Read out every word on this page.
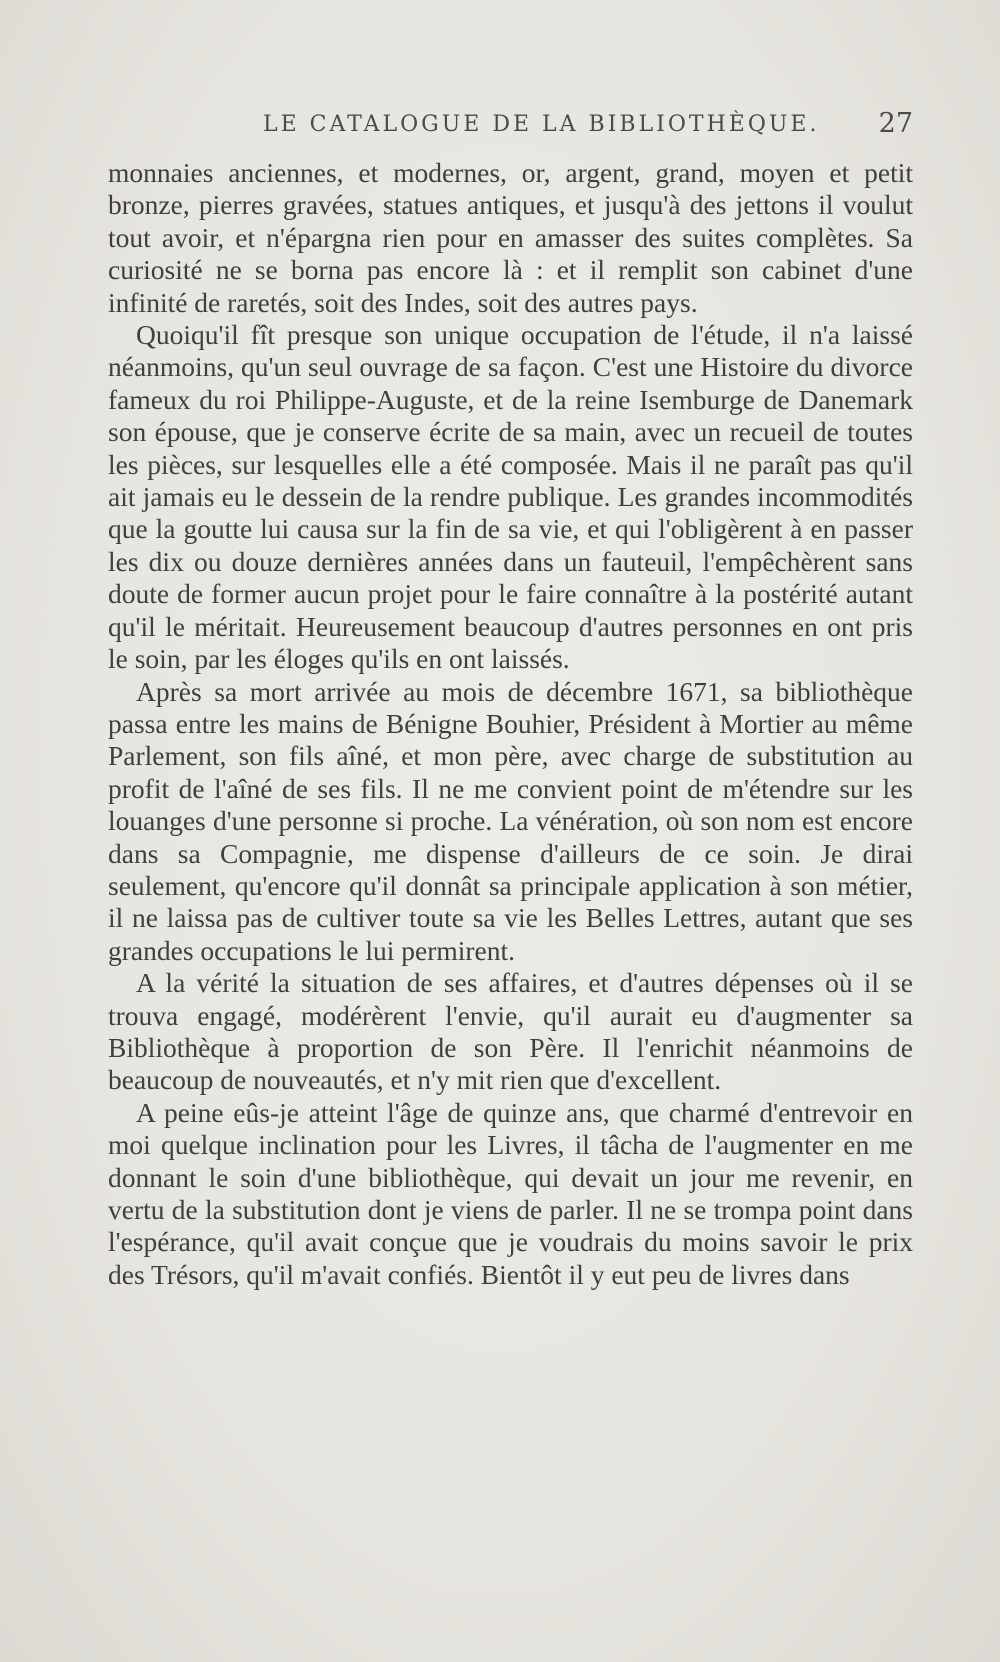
LE CATALOGUE DE LA BIBLIOTHÈQUE. 27

monnaies anciennes, et modernes, or, argent, grand, moyen et petit bronze, pierres gravées, statues antiques, et jusqu'à des jettons il voulut tout avoir, et n'épargna rien pour en amasser des suites complètes. Sa curiosité ne se borna pas encore là : et il remplit son cabinet d'une infinité de raretés, soit des Indes, soit des autres pays.

Quoiqu'il fît presque son unique occupation de l'étude, il n'a laissé néanmoins, qu'un seul ouvrage de sa façon. C'est une Histoire du divorce fameux du roi Philippe-Auguste, et de la reine Isemburge de Danemark son épouse, que je conserve écrite de sa main, avec un recueil de toutes les pièces, sur lesquelles elle a été composée. Mais il ne paraît pas qu'il ait jamais eu le dessein de la rendre publique. Les grandes incommodités que la goutte lui causa sur la fin de sa vie, et qui l'obligèrent à en passer les dix ou douze dernières années dans un fauteuil, l'empêchèrent sans doute de former aucun projet pour le faire connaître à la postérité autant qu'il le méritait. Heureusement beaucoup d'autres personnes en ont pris le soin, par les éloges qu'ils en ont laissés.

Après sa mort arrivée au mois de décembre 1671, sa bibliothèque passa entre les mains de Bénigne Bouhier, Président à Mortier au même Parlement, son fils aîné, et mon père, avec charge de substitution au profit de l'aîné de ses fils. Il ne me convient point de m'étendre sur les louanges d'une personne si proche. La vénération, où son nom est encore dans sa Compagnie, me dispense d'ailleurs de ce soin. Je dirai seulement, qu'encore qu'il donnât sa principale application à son métier, il ne laissa pas de cultiver toute sa vie les Belles Lettres, autant que ses grandes occupations le lui permirent.

A la vérité la situation de ses affaires, et d'autres dépenses où il se trouva engagé, modérèrent l'envie, qu'il aurait eu d'augmenter sa Bibliothèque à proportion de son Père. Il l'enrichit néanmoins de beaucoup de nouveautés, et n'y mit rien que d'excellent.

A peine eûs-je atteint l'âge de quinze ans, que charmé d'entrevoir en moi quelque inclination pour les Livres, il tâcha de l'augmenter en me donnant le soin d'une bibliothèque, qui devait un jour me revenir, en vertu de la substitution dont je viens de parler. Il ne se trompa point dans l'espérance, qu'il avait conçue que je voudrais du moins savoir le prix des Trésors, qu'il m'avait confiés. Bientôt il y eut peu de livres dans
